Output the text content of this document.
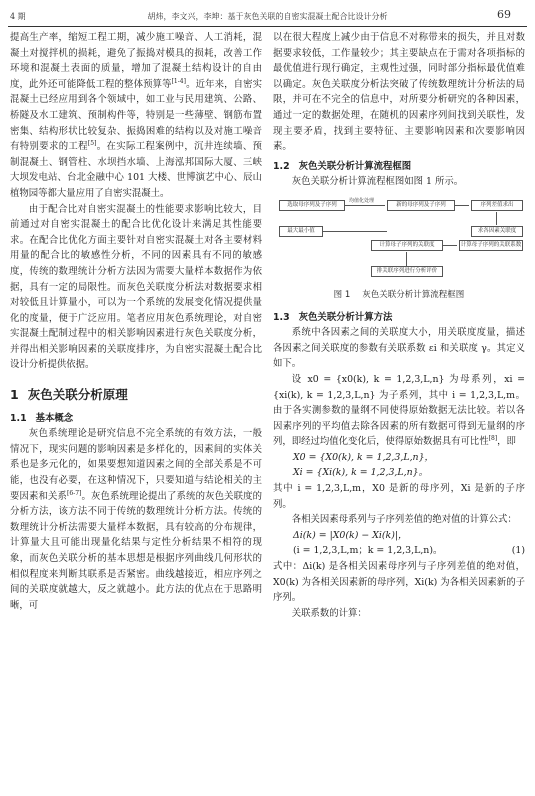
4 期	胡炜，李文兴，李坤：基于灰色关联的自密实混凝土配合比设计分析	69

提高生产率，缩短工程工期，减少施工噪音、人工消耗，混凝土对搅拌机的损耗，避免了振捣对模具的损耗，改善工作环境和混凝土表面的质量，增加了混凝土结构设计的自由度，此外还可能降低工程的整体预算等[1-4]。近年来，自密实混凝土已经应用到各个领域中，如工业与民用建筑、公路、桥隧及水工建筑、预制构件等，特别是一些薄壁、钢筋布置密集、结构形状比较复杂、振捣困难的结构以及对施工噪音有特别要求的工程[5]。在实际工程案例中，沉井连续墙、预制混凝土、钢管柱、水坝挡水墙、上海泓邦国际大厦、三峡大坝发电站、台北金融中心 101 大楼、世博演艺中心、辰山植物园等都大量应用了自密实混凝土。

由于配合比对自密实混凝土的性能要求影响比较大，目前通过对自密实混凝土的配合比优化设计来满足其性能要求。在配合比优化方面主要针对自密实混凝土对各主要材料用量的配合比的敏感性分析，不同的因素具有不同的敏感度，传统的数理统计分析方法因为需要大量样本数据作为依据，具有一定的局限性。而灰色关联度分析法对数据要求相对较低且计算量小，可以为一个系统的发展变化情况提供量化的度量，便于广泛应用。笔者应用灰色系统理论，对自密实混凝土配制过程中的相关影响因素进行灰色关联度分析，并得出相关影响因素的关联度排序，为自密实混凝土配合比设计分析提供依据。

1 灰色关联分析原理
1.1 基本概念

灰色系统理论是研究信息不完全系统的有效方法，一般情况下，现实问题的影响因素是多样化的，因素间的实体关系也是多元化的，如果要想知道因素之间的全部关系是不可能，也没有必要，在这种情况下，只要知道与结论相关的主要因素和关系[6-7]。灰色系统理论提出了系统的灰色关联度的分析方法，该方法不同于传统的数理统计分析方法。传统的数理统计分析法需要大量样本数据，具有较高的分布规律，计算量大且可能出现量化结果与定性分析结果不相符的现象，而灰色关联分析的基本思想是根据序列曲线几何形状的相似程度来判断其联系是否紧密。曲线越接近，相应序列之间的关联度就越大，反之就越小。此方法的优点在于思路明晰，可

以在很大程度上减少由于信息不对称带来的损失，并且对数据要求较低，工作量较少；其主要缺点在于需对各项指标的最优值进行现行确定，主观性过强，同时部分指标最优值难以确定。灰色关联度分析法突破了传统数理统计分析法的局限，并可在不完全的信息中，对所要分析研究的各种因素，通过一定的数据处理，在随机的因素序列间找到关联性，发现主要矛盾，找到主要特征、主要影响因素和次要影响因素。

1.2 灰色关联分析计算流程框图

灰色关联分析计算流程框图如图 1 所示。

选取母序列及子序列
均值化处理
新的母序列及子序列	序列差值求出
最大最小值	求各因素关联度
计算母子序列的关联度	计算母子序列的关联系数
排关联序列进行分析评价
图 1 灰色关联分析计算流程框图
1.3 灰色关联分析计算方法

系统中各因素之间的关联度大小，用关联度度量，描述各因素之间关联度的参数有关联系数 εi 和关联度 γ。其定义如下。

设 x0 = {x0(k), k = 1,2,3,L,n} 为母系列，xi = {xi(k), k = 1,2,3,L,n} 为子系列，其中 i = 1,2,3,L,m。由于各实测参数的量纲不同使得原始数据无法比较。若以各因素序列的平均值去除各因素的所有数据可得到无量纲的序列，即经过均值化变化后，使得原始数据具有可比性[8]，即

X0 = {X0(k), k = 1,2,3,L,n}，

Xi = {Xi(k), k = 1,2,3,L,n}。

其中 i = 1,2,3,L,m，X0 是新的母序列，Xi 是新的子序列。

各相关因素母系列与子序列差值的绝对值的计算公式：

Δi(k) = |X0(k) − Xi(k)|，

(i = 1,2,3,L,m；k = 1,2,3,L,n)。	(1)

式中：Δi(k) 是各相关因素母序列与子序列差值的绝对值，X0(k) 为各相关因素新的母序列，Xi(k) 为各相关因素新的子序列。

关联系数的计算：
